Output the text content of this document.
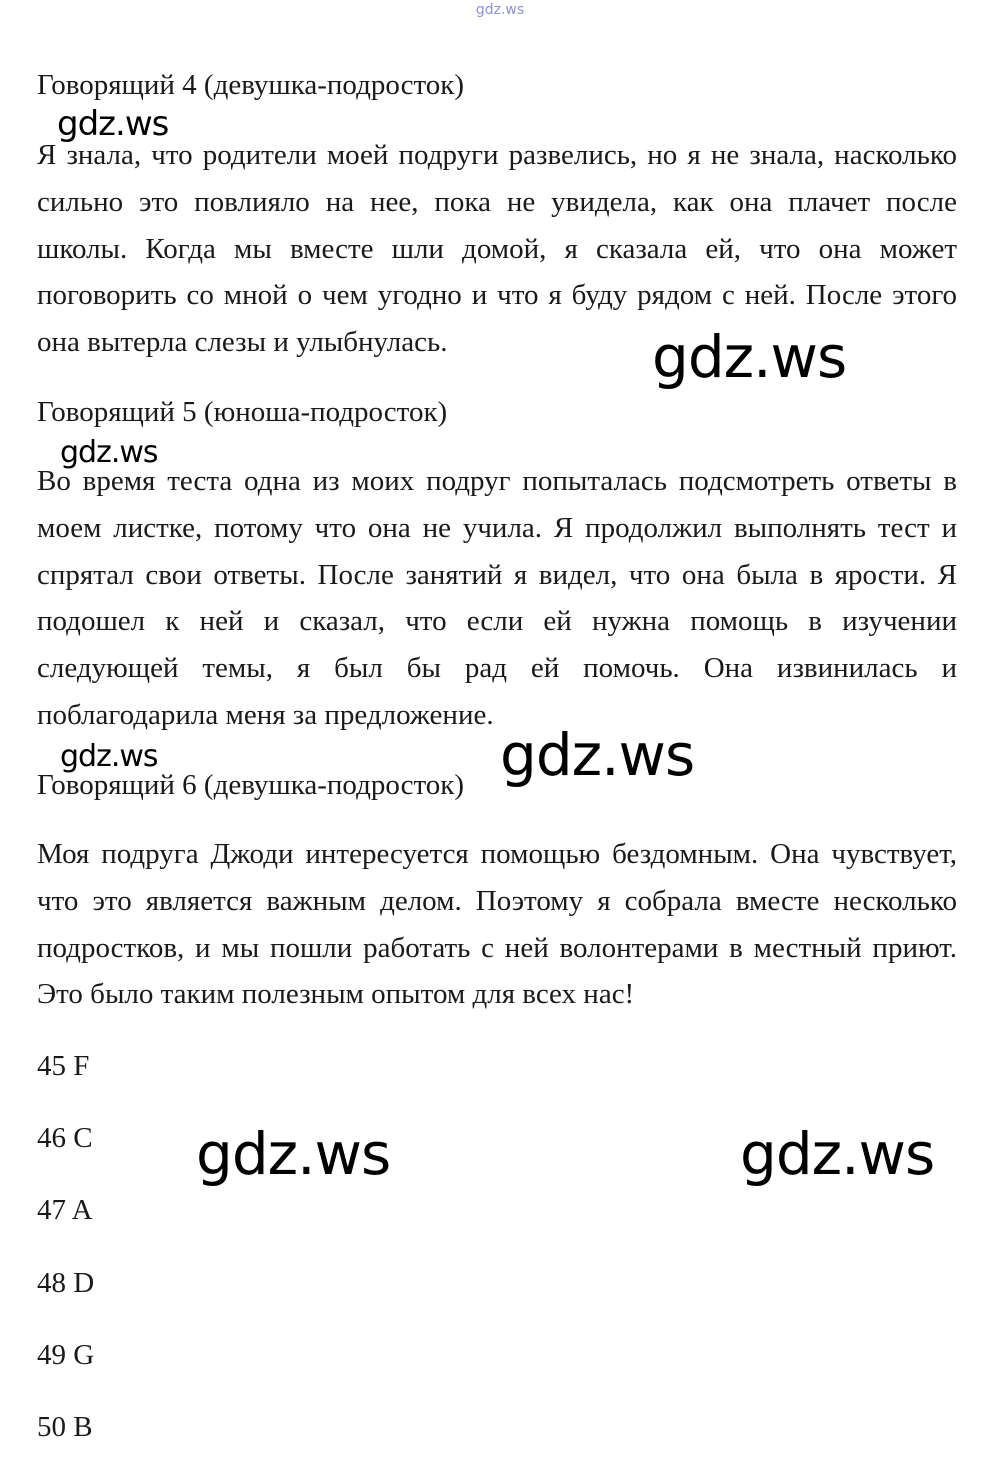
gdz.ws
Говорящий 4 (девушка-подросток)
Я знала, что родители моей подруги развелись, но я не знала, насколько сильно это повлияло на нее, пока не увидела, как она плачет после школы. Когда мы вместе шли домой, я сказала ей, что она может поговорить со мной о чем угодно и что я буду рядом с ней. После этого она вытерла слезы и улыбнулась.
Говорящий 5 (юноша-подросток)
Во время теста одна из моих подруг попыталась подсмотреть ответы в моем листке, потому что она не учила. Я продолжил выполнять тест и спрятал свои ответы. После занятий я видел, что она была в ярости. Я подошел к ней и сказал, что если ей нужна помощь в изучении следующей темы, я был бы рад ей помочь. Она извинилась и поблагодарила меня за предложение.
Говорящий 6 (девушка-подросток)
Моя подруга Джоди интересуется помощью бездомным. Она чувствует, что это является важным делом. Поэтому я собрала вместе несколько подростков, и мы пошли работать с ней волонтерами в местный приют. Это было таким полезным опытом для всех нас!
45 F
46 C
47 A
48 D
49 G
50 B
gdz.ws
gdz.ws
gdz.ws
gdz.ws
gdz.ws
gdz.ws	gdz.ws
